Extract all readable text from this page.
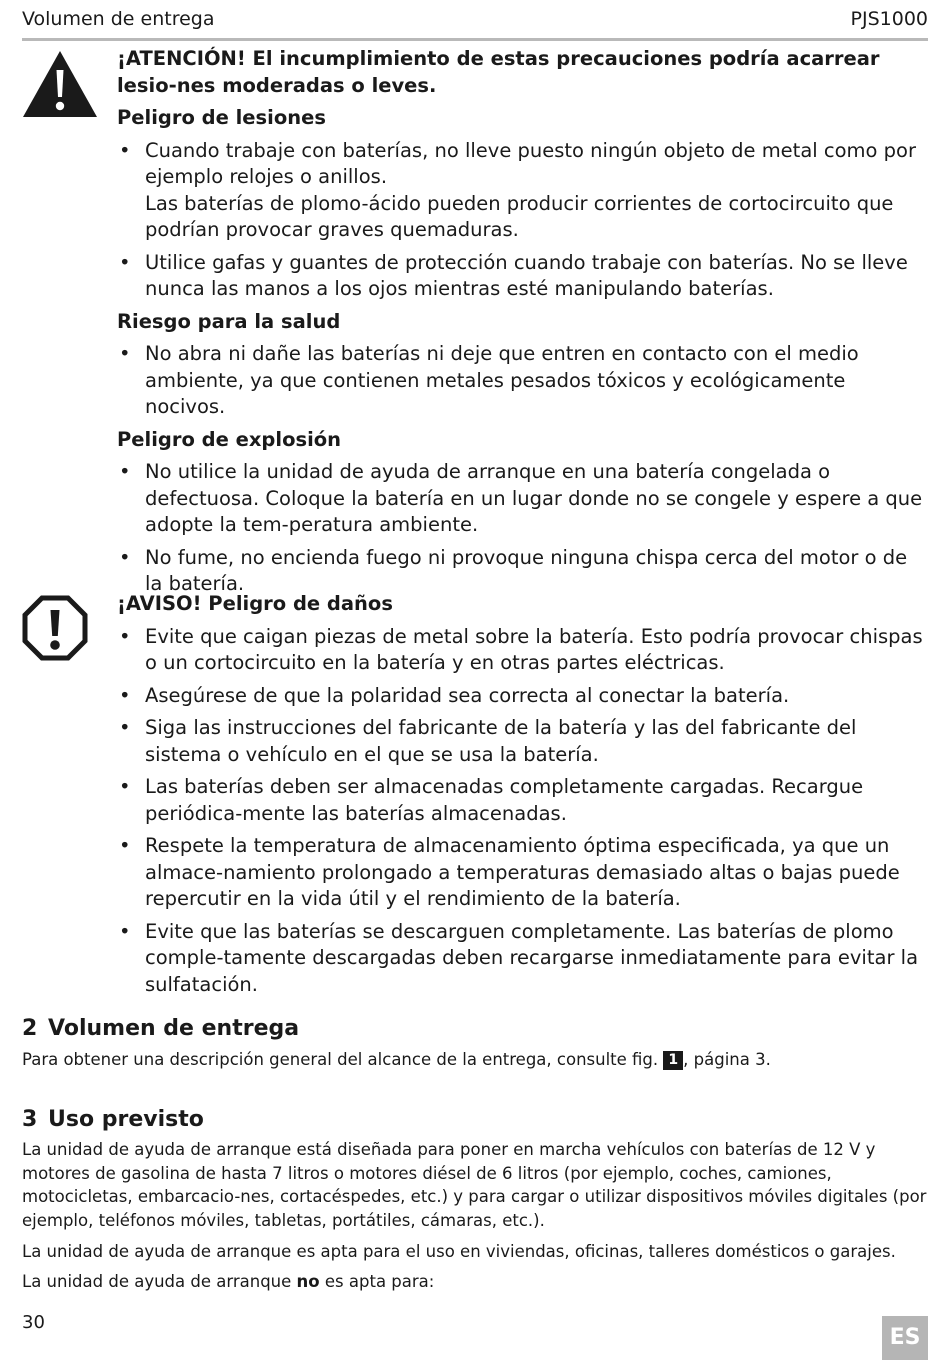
Volumen de entrega	PJS1000

¡ATENCIÓN! El incumplimiento de estas precauciones podría acarrear lesio-nes moderadas o leves.

Peligro de lesiones

• Cuando trabaje con baterías, no lleve puesto ningún objeto de metal como por ejemplo relojes o anillos.
Las baterías de plomo-ácido pueden producir corrientes de cortocircuito que podrían provocar graves quemaduras.
• Utilice gafas y guantes de protección cuando trabaje con baterías. No se lleve nunca las manos a los ojos mientras esté manipulando baterías.

Riesgo para la salud

• No abra ni dañe las baterías ni deje que entren en contacto con el medio ambiente, ya que contienen metales pesados tóxicos y ecológicamente nocivos.

Peligro de explosión

• No utilice la unidad de ayuda de arranque en una batería congelada o defectuosa. Coloque la batería en un lugar donde no se congele y espere a que adopte la tem-peratura ambiente.
• No fume, no encienda fuego ni provoque ninguna chispa cerca del motor o de la batería.

¡AVISO! Peligro de daños

• Evite que caigan piezas de metal sobre la batería. Esto podría provocar chispas o un cortocircuito en la batería y en otras partes eléctricas.
• Asegúrese de que la polaridad sea correcta al conectar la batería.
• Siga las instrucciones del fabricante de la batería y las del fabricante del sistema o vehículo en el que se usa la batería.
• Las baterías deben ser almacenadas completamente cargadas. Recargue periódica-mente las baterías almacenadas.
• Respete la temperatura de almacenamiento óptima especificada, ya que un almace-namiento prolongado a temperaturas demasiado altas o bajas puede repercutir en la vida útil y el rendimiento de la batería.
• Evite que las baterías se descarguen completamente. Las baterías de plomo comple-tamente descargadas deben recargarse inmediatamente para evitar la sulfatación.
2 Volumen de entrega
Para obtener una descripción general del alcance de la entrega, consulte fig. 1 , página 3.
3 Uso previsto
La unidad de ayuda de arranque está diseñada para poner en marcha vehículos con baterías de 12 V y motores de gasolina de hasta 7 litros o motores diésel de 6 litros (por ejemplo, coches, camiones, motocicletas, embarcacio-nes, cortacéspedes, etc.) y para cargar o utilizar dispositivos móviles digitales (por ejemplo, teléfonos móviles, tabletas, portátiles, cámaras, etc.).
La unidad de ayuda de arranque es apta para el uso en viviendas, oficinas, talleres domésticos o garajes.
La unidad de ayuda de arranque no es apta para:
30
ES
